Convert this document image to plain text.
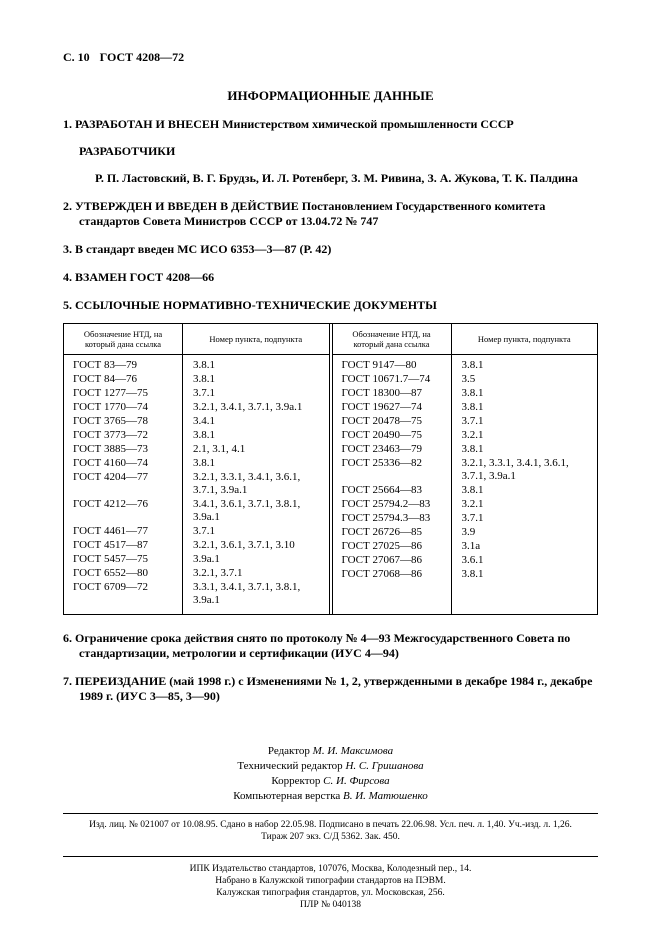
С. 10 ГОСТ 4208—72
ИНФОРМАЦИОННЫЕ ДАННЫЕ

1. РАЗРАБОТАН И ВНЕСЕН Министерством химической промышленности СССР

РАЗРАБОТЧИКИ

Р. П. Ластовский, В. Г. Брудзь, И. Л. Ротенберг, З. М. Ривина, З. А. Жукова, Т. К. Палдина

2. УТВЕРЖДЕН И ВВЕДЕН В ДЕЙСТВИЕ Постановлением Государственного комитета стандартов Совета Министров СССР от 13.04.72 № 747

3. В стандарт введен МС ИСО 6353—3—87 (Р. 42)

4. ВЗАМЕН ГОСТ 4208—66

5. ССЫЛОЧНЫЕ НОРМАТИВНО-ТЕХНИЧЕСКИЕ ДОКУМЕНТЫ

Обозначение НТД, на который дана ссылка	Номер пункта, подпункта
ГОСТ 83—79	3.8.1
ГОСТ 84—76	3.8.1
ГОСТ 1277—75	3.7.1
ГОСТ 1770—74	3.2.1, 3.4.1, 3.7.1, 3.9а.1
ГОСТ 3765—78	3.4.1
ГОСТ 3773—72	3.8.1
ГОСТ 3885—73	2.1, 3.1, 4.1
ГОСТ 4160—74	3.8.1
ГОСТ 4204—77	3.2.1, 3.3.1, 3.4.1, 3.6.1, 3.7.1, 3.9а.1
ГОСТ 4212—76	3.4.1, 3.6.1, 3.7.1, 3.8.1, 3.9а.1
ГОСТ 4461—77	3.7.1
ГОСТ 4517—87	3.2.1, 3.6.1, 3.7.1, 3.10
ГОСТ 5457—75	3.9а.1
ГОСТ 6552—80	3.2.1, 3.7.1
ГОСТ 6709—72	3.3.1, 3.4.1, 3.7.1, 3.8.1, 3.9а.1
Обозначение НТД, на который дана ссылка	Номер пункта, подпункта
ГОСТ 9147—80	3.8.1
ГОСТ 10671.7—74	3.5
ГОСТ 18300—87	3.8.1
ГОСТ 19627—74	3.8.1
ГОСТ 20478—75	3.7.1
ГОСТ 20490—75	3.2.1
ГОСТ 23463—79	3.8.1
ГОСТ 25336—82	3.2.1, 3.3.1, 3.4.1, 3.6.1, 3.7.1, 3.9а.1
ГОСТ 25664—83	3.8.1
ГОСТ 25794.2—83	3.2.1
ГОСТ 25794.3—83	3.7.1
ГОСТ 26726—85	3.9
ГОСТ 27025—86	3.1а
ГОСТ 27067—86	3.6.1
ГОСТ 27068—86	3.8.1

6. Ограничение срока действия снято по протоколу № 4—93 Межгосударственного Совета по стандартизации, метрологии и сертификации (ИУС 4—94)

7. ПЕРЕИЗДАНИЕ (май 1998 г.) с Изменениями № 1, 2, утвержденными в декабре 1984 г., декабре 1989 г. (ИУС 3—85, 3—90)

Редактор М. И. Максимова
Технический редактор Н. С. Гришанова
Корректор С. И. Фирсова
Компьютерная верстка В. И. Матюшенко
Изд. лиц. № 021007 от 10.08.95. Сдано в набор 22.05.98. Подписано в печать 22.06.98. Усл. печ. л. 1,40. Уч.-изд. л. 1,26.
Тираж 207 экз. С/Д 5362. Зак. 450.
ИПК Издательство стандартов, 107076, Москва, Колодезный пер., 14.
Набрано в Калужской типографии стандартов на ПЭВМ.
Калужская типография стандартов, ул. Московская, 256.
ПЛР № 040138
